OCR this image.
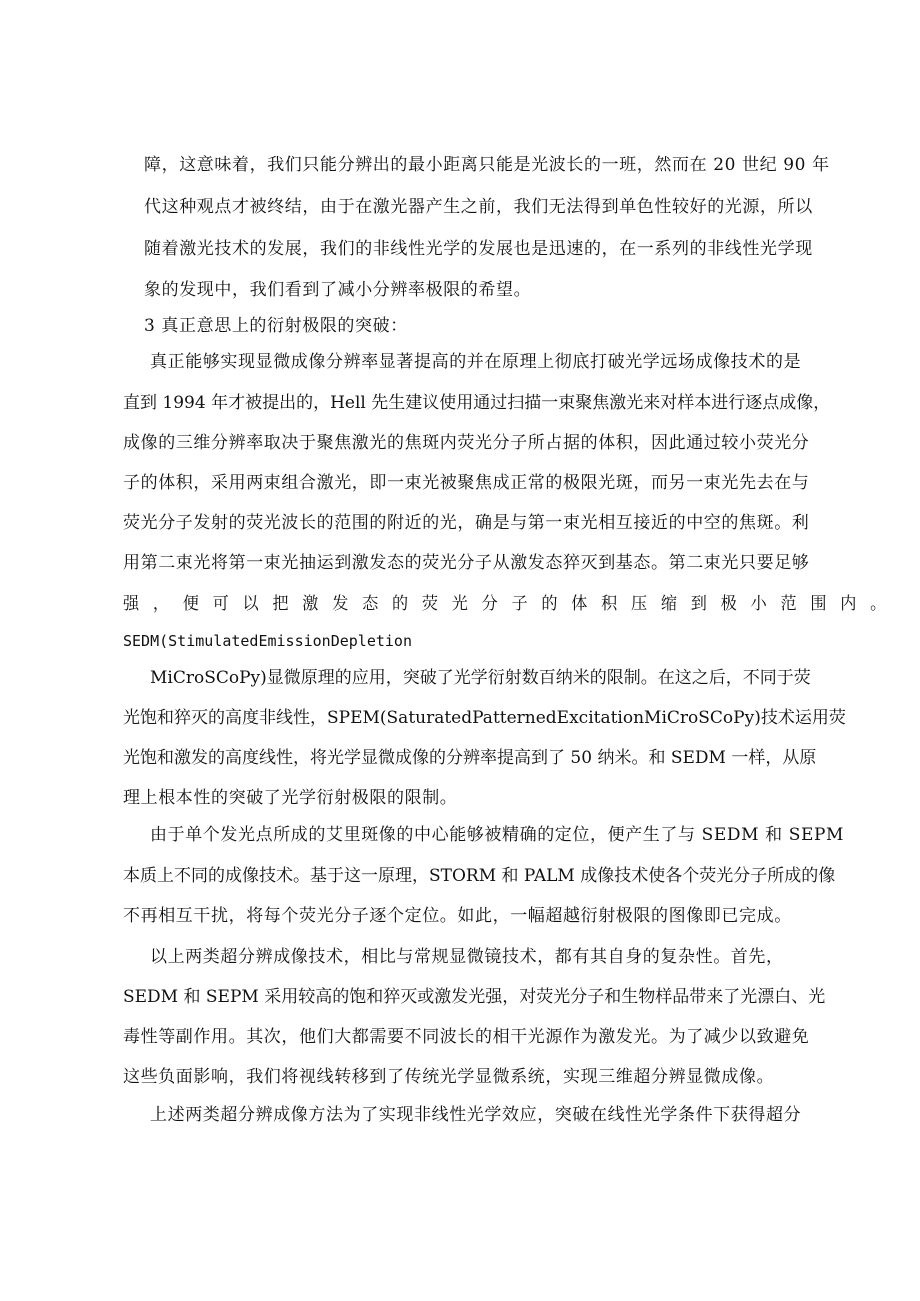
障，这意味着，我们只能分辨出的最小距离只能是光波长的一班，然而在 20 世纪 90 年
代这种观点才被终结，由于在激光器产生之前，我们无法得到单色性较好的光源，所以
随着激光技术的发展，我们的非线性光学的发展也是迅速的，在一系列的非线性光学现
象的发现中，我们看到了减小分辨率极限的希望。
3 真正意思上的衍射极限的突破：
真正能够实现显微成像分辨率显著提高的并在原理上彻底打破光学远场成像技术的是
直到 1994 年才被提出的，Hell 先生建议使用通过扫描一束聚焦激光来对样本进行逐点成像，
成像的三维分辨率取决于聚焦激光的焦斑内荧光分子所占据的体积，因此通过较小荧光分
子的体积，采用两束组合激光，即一束光被聚焦成正常的极限光斑，而另一束光先去在与
荧光分子发射的荧光波长的范围的附近的光，确是与第一束光相互接近的中空的焦斑。利
用第二束光将第一束光抽运到激发态的荧光分子从激发态猝灭到基态。第二束光只要足够
强，便可以把激发态的荧光分子的体积压缩到极小范围内。
SEDM(StimulatedEmissionDepletion
MiCroSCoPy)显微原理的应用，突破了光学衍射数百纳米的限制。在这之后，不同于荧
光饱和猝灭的高度非线性，SPEM(SaturatedPatternedExcitationMiCroSCoPy)技术运用荧
光饱和激发的高度线性，将光学显微成像的分辨率提高到了 50 纳米。和 SEDM 一样，从原
理上根本性的突破了光学衍射极限的限制。
由于单个发光点所成的艾里斑像的中心能够被精确的定位，便产生了与 SEDM 和 SEPM
本质上不同的成像技术。基于这一原理，STORM 和 PALM 成像技术使各个荧光分子所成的像
不再相互干扰，将每个荧光分子逐个定位。如此，一幅超越衍射极限的图像即已完成。
以上两类超分辨成像技术，相比与常规显微镜技术，都有其自身的复杂性。首先，
SEDM 和 SEPM 采用较高的饱和猝灭或激发光强，对荧光分子和生物样品带来了光漂白、光
毒性等副作用。其次，他们大都需要不同波长的相干光源作为激发光。为了减少以致避免
这些负面影响，我们将视线转移到了传统光学显微系统，实现三维超分辨显微成像。
上述两类超分辨成像方法为了实现非线性光学效应，突破在线性光学条件下获得超分
